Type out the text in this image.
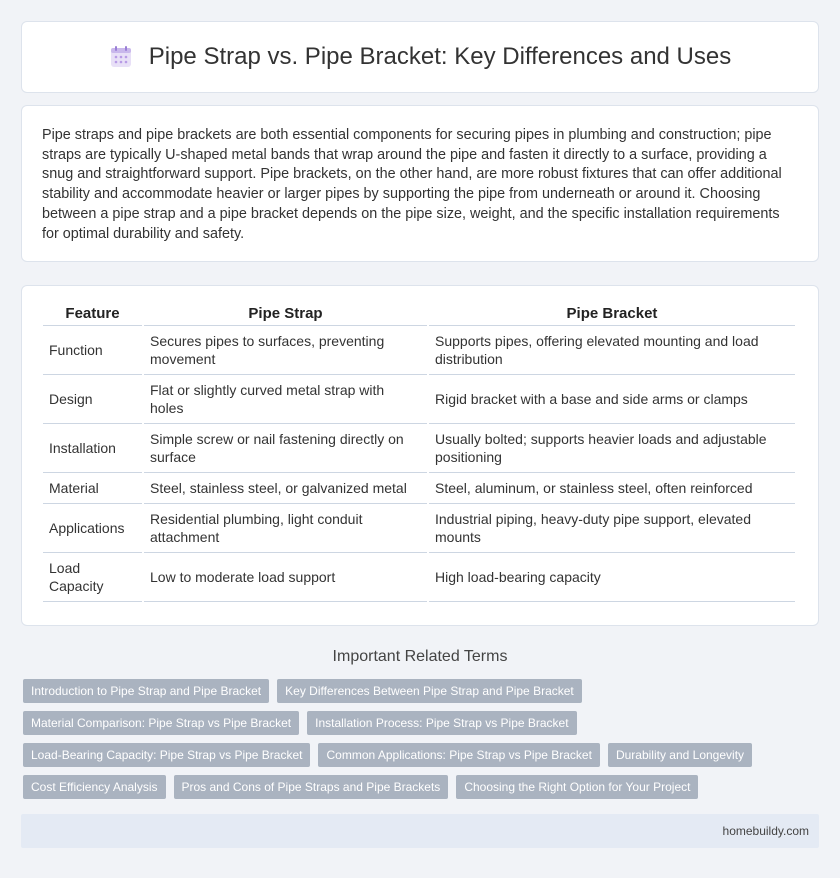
Pipe Strap vs. Pipe Bracket: Key Differences and Uses

Pipe straps and pipe brackets are both essential components for securing pipes in plumbing and construction; pipe straps are typically U-shaped metal bands that wrap around the pipe and fasten it directly to a surface, providing a snug and straightforward support. Pipe brackets, on the other hand, are more robust fixtures that can offer additional stability and accommodate heavier or larger pipes by supporting the pipe from underneath or around it. Choosing between a pipe strap and a pipe bracket depends on the pipe size, weight, and the specific installation requirements for optimal durability and safety.

Feature	Pipe Strap	Pipe Bracket
Function	Secures pipes to surfaces, preventing movement	Supports pipes, offering elevated mounting and load distribution
Design	Flat or slightly curved metal strap with holes	Rigid bracket with a base and side arms or clamps
Installation	Simple screw or nail fastening directly on surface	Usually bolted; supports heavier loads and adjustable positioning
Material	Steel, stainless steel, or galvanized metal	Steel, aluminum, or stainless steel, often reinforced
Applications	Residential plumbing, light conduit attachment	Industrial piping, heavy-duty pipe support, elevated mounts
Load Capacity	Low to moderate load support	High load-bearing capacity
Important Related Terms
Introduction to Pipe Strap and Pipe Bracket	Key Differences Between Pipe Strap and Pipe Bracket
Material Comparison: Pipe Strap vs Pipe Bracket	Installation Process: Pipe Strap vs Pipe Bracket
Load-Bearing Capacity: Pipe Strap vs Pipe Bracket	Common Applications: Pipe Strap vs Pipe Bracket	Durability and Longevity
Cost Efficiency Analysis	Pros and Cons of Pipe Straps and Pipe Brackets	Choosing the Right Option for Your Project
homebuildy.com
